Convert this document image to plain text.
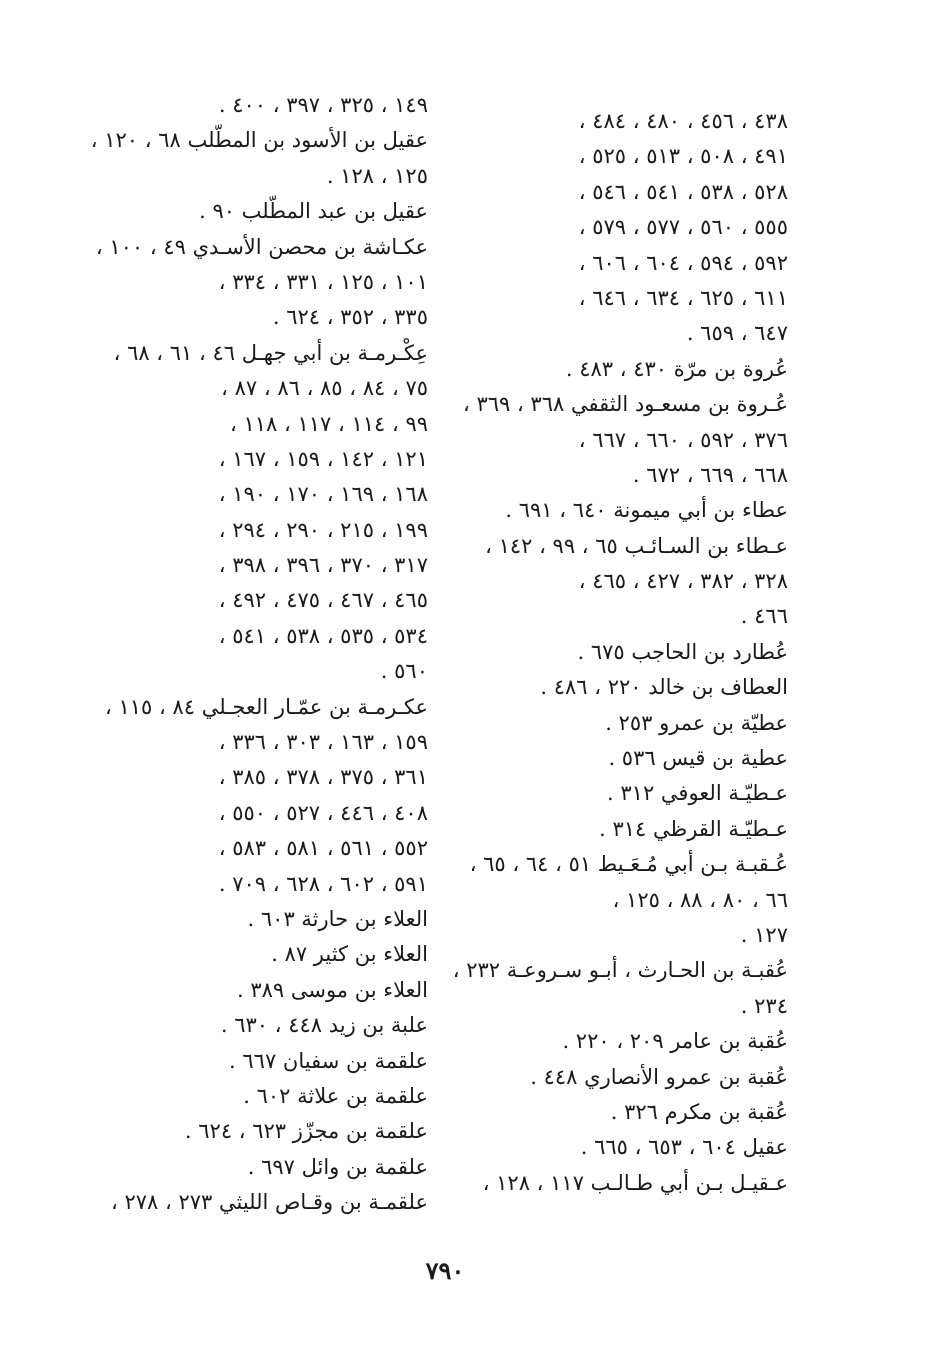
٤٣٨ ، ٤٥٦ ، ٤٨٠ ، ٤٨٤ ،
٤٩١ ، ٥٠٨ ، ٥١٣ ، ٥٢٥ ،
٥٢٨ ، ٥٣٨ ، ٥٤١ ، ٥٤٦ ،
٥٥٥ ، ٥٦٠ ، ٥٧٧ ، ٥٧٩ ،
٥٩٢ ، ٥٩٤ ، ٦٠٤ ، ٦٠٦ ،
٦١١ ، ٦٢٥ ، ٦٣٤ ، ٦٤٦ ،
٦٤٧ ، ٦٥٩ .
عُروة بن مرّة ٤٣٠ ، ٤٨٣ .
عُـروة بن مسعـود الثقفي ٣٦٨ ، ٣٦٩ ،
٣٧٦ ، ٥٩٢ ، ٦٦٠ ، ٦٦٧ ،
٦٦٨ ، ٦٦٩ ، ٦٧٢ .
عطاء بن أبي ميمونة ٦٤٠ ، ٦٩١ .
عـطاء بن السـائـب ٦٥ ، ٩٩ ، ١٤٢ ،
٣٢٨ ، ٣٨٢ ، ٤٢٧ ، ٤٦٥ ،
٤٦٦ .
عُطارد بن الحاجب ٦٧٥ .
العطاف بن خالد ٢٢٠ ، ٤٨٦ .
عطيّة بن عمرو ٢٥٣ .
عطية بن قيس ٥٣٦ .
عـطيّـة العوفي ٣١٢ .
عـطيّـة القرظي ٣١٤ .
عُـقبـة بـن أبي مُـعَـيط ٥١ ، ٦٤ ، ٦٥ ،
٦٦ ، ٨٠ ، ٨٨ ، ١٢٥ ،
١٢٧ .
عُقبـة بن الحـارث ، أبـو سـروعـة ٢٣٢ ،
٢٣٤ .
عُقبة بن عامر ٢٠٩ ، ٢٢٠ .
عُقبة بن عمرو الأنصاري ٤٤٨ .
عُقبة بن مكرم ٣٢٦ .
عقيل ٦٠٤ ، ٦٥٣ ، ٦٦٥ .
عـقيـل بـن أبي طـالـب ١١٧ ، ١٢٨ ،
١٤٩ ، ٣٢٥ ، ٣٩٧ ، ٤٠٠ .
عقيل بن الأسود بن المطّلب ٦٨ ، ١٢٠ ،
١٢٥ ، ١٢٨ .
عقيل بن عبد المطّلب ٩٠ .
عكـاشة بن محصن الأسـدي ٤٩ ، ١٠٠ ،
١٠١ ، ١٢٥ ، ٣٣١ ، ٣٣٤ ،
٣٣٥ ، ٣٥٢ ، ٦٢٤ .
عِكْـرمـة بن أبي جهـل ٤٦ ، ٦١ ، ٦٨ ،
٧٥ ، ٨٤ ، ٨٥ ، ٨٦ ، ٨٧ ،
٩٩ ، ١١٤ ، ١١٧ ، ١١٨ ،
١٢١ ، ١٤٢ ، ١٥٩ ، ١٦٧ ،
١٦٨ ، ١٦٩ ، ١٧٠ ، ١٩٠ ،
١٩٩ ، ٢١٥ ، ٢٩٠ ، ٢٩٤ ،
٣١٧ ، ٣٧٠ ، ٣٩٦ ، ٣٩٨ ،
٤٦٥ ، ٤٦٧ ، ٤٧٥ ، ٤٩٢ ،
٥٣٤ ، ٥٣٥ ، ٥٣٨ ، ٥٤١ ،
٥٦٠ .
عكـرمـة بن عمّـار العجـلي ٨٤ ، ١١٥ ،
١٥٩ ، ١٦٣ ، ٣٠٣ ، ٣٣٦ ،
٣٦١ ، ٣٧٥ ، ٣٧٨ ، ٣٨٥ ،
٤٠٨ ، ٤٤٦ ، ٥٢٧ ، ٥٥٠ ،
٥٥٢ ، ٥٦١ ، ٥٨١ ، ٥٨٣ ،
٥٩١ ، ٦٠٢ ، ٦٢٨ ، ٧٠٩ .
العلاء بن حارثة ٦٠٣ .
العلاء بن كثير ٨٧ .
العلاء بن موسى ٣٨٩ .
علبة بن زيد ٤٤٨ ، ٦٣٠ .
علقمة بن سفيان ٦٦٧ .
علقمة بن علاثة ٦٠٢ .
علقمة بن مجزّز ٦٢٣ ، ٦٢٤ .
علقمة بن وائل ٦٩٧ .
علقمـة بن وقـاص الليثي ٢٧٣ ، ٢٧٨ ،
٧٩٠
